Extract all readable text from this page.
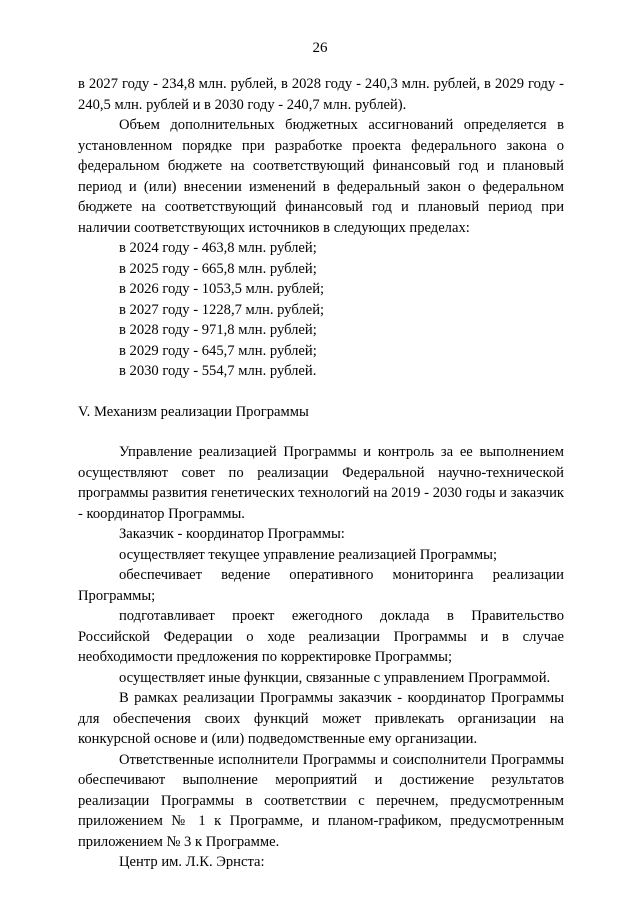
26

в 2027 году - 234,8 млн. рублей, в 2028 году - 240,3 млн. рублей, в 2029 году - 240,5 млн. рублей и в 2030 году - 240,7 млн. рублей).

Объем дополнительных бюджетных ассигнований определяется в установленном порядке при разработке проекта федерального закона о федеральном бюджете на соответствующий финансовый год и плановый период и (или) внесении изменений в федеральный закон о федеральном бюджете на соответствующий финансовый год и плановый период при наличии соответствующих источников в следующих пределах:

в 2024 году - 463,8 млн. рублей;

в 2025 году - 665,8 млн. рублей;

в 2026 году - 1053,5 млн. рублей;

в 2027 году - 1228,7 млн. рублей;

в 2028 году - 971,8 млн. рублей;

в 2029 году - 645,7 млн. рублей;

в 2030 году - 554,7 млн. рублей.

V. Механизм реализации Программы

Управление реализацией Программы и контроль за ее выполнением осуществляют совет по реализации Федеральной научно-технической программы развития генетических технологий на 2019 - 2030 годы и заказчик - координатор Программы.

Заказчик - координатор Программы:

осуществляет текущее управление реализацией Программы;

обеспечивает ведение оперативного мониторинга реализации Программы;

подготавливает проект ежегодного доклада в Правительство Российской Федерации о ходе реализации Программы и в случае необходимости предложения по корректировке Программы;

осуществляет иные функции, связанные с управлением Программой.

В рамках реализации Программы заказчик - координатор Программы для обеспечения своих функций может привлекать организации на конкурсной основе и (или) подведомственные ему организации.

Ответственные исполнители Программы и соисполнители Программы обеспечивают выполнение мероприятий и достижение результатов реализации Программы в соответствии с перечнем, предусмотренным приложением № 1 к Программе, и планом-графиком, предусмотренным приложением № 3 к Программе.

Центр им. Л.К. Эрнста:
